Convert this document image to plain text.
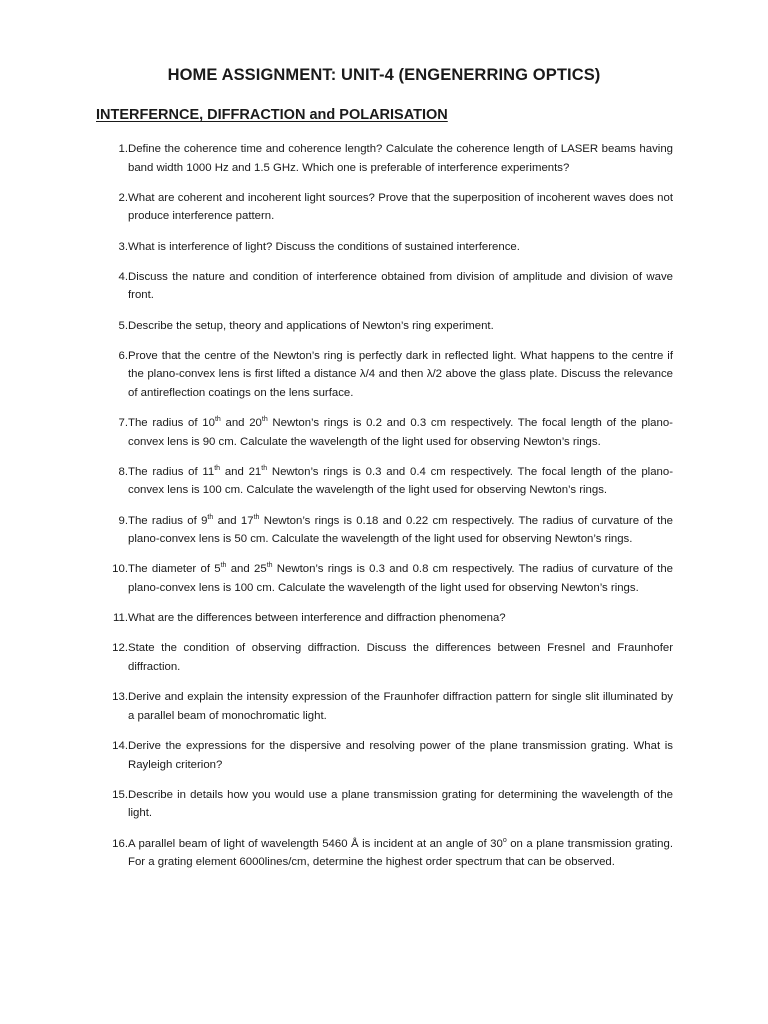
HOME ASSIGNMENT: UNIT-4 (ENGENERRING OPTICS)
INTERFERNCE, DIFFRACTION and POLARISATION
1. Define the coherence time and coherence length? Calculate the coherence length of LASER beams having band width 1000 Hz and 1.5 GHz. Which one is preferable of interference experiments?
2. What are coherent and incoherent light sources? Prove that the superposition of incoherent waves does not produce interference pattern.
3. What is interference of light? Discuss the conditions of sustained interference.
4. Discuss the nature and condition of interference obtained from division of amplitude and division of wave front.
5. Describe the setup, theory and applications of Newton’s ring experiment.
6. Prove that the centre of the Newton’s ring is perfectly dark in reflected light. What happens to the centre if the plano-convex lens is first lifted a distance λ/4 and then λ/2 above the glass plate. Discuss the relevance of antireflection coatings on the lens surface.
7. The radius of 10th and 20th Newton’s rings is 0.2 and 0.3 cm respectively. The focal length of the plano-convex lens is 90 cm. Calculate the wavelength of the light used for observing Newton’s rings.
8. The radius of 11th and 21th Newton’s rings is 0.3 and 0.4 cm respectively. The focal length of the plano-convex lens is 100 cm. Calculate the wavelength of the light used for observing Newton’s rings.
9. The radius of 9th and 17th Newton’s rings is 0.18 and 0.22 cm respectively. The radius of curvature of the plano-convex lens is 50 cm. Calculate the wavelength of the light used for observing Newton’s rings.
10. The diameter of 5th and 25th Newton’s rings is 0.3 and 0.8 cm respectively. The radius of curvature of the plano-convex lens is 100 cm. Calculate the wavelength of the light used for observing Newton’s rings.
11. What are the differences between interference and diffraction phenomena?
12. State the condition of observing diffraction. Discuss the differences between Fresnel and Fraunhofer diffraction.
13. Derive and explain the intensity expression of the Fraunhofer diffraction pattern for single slit illuminated by a parallel beam of monochromatic light.
14. Derive the expressions for the dispersive and resolving power of the plane transmission grating. What is Rayleigh criterion?
15. Describe in details how you would use a plane transmission grating for determining the wavelength of the light.
16. A parallel beam of light of wavelength 5460 Å is incident at an angle of 30$^o$ on a plane transmission grating. For a grating element 6000lines/cm, determine the highest order spectrum that can be observed.
